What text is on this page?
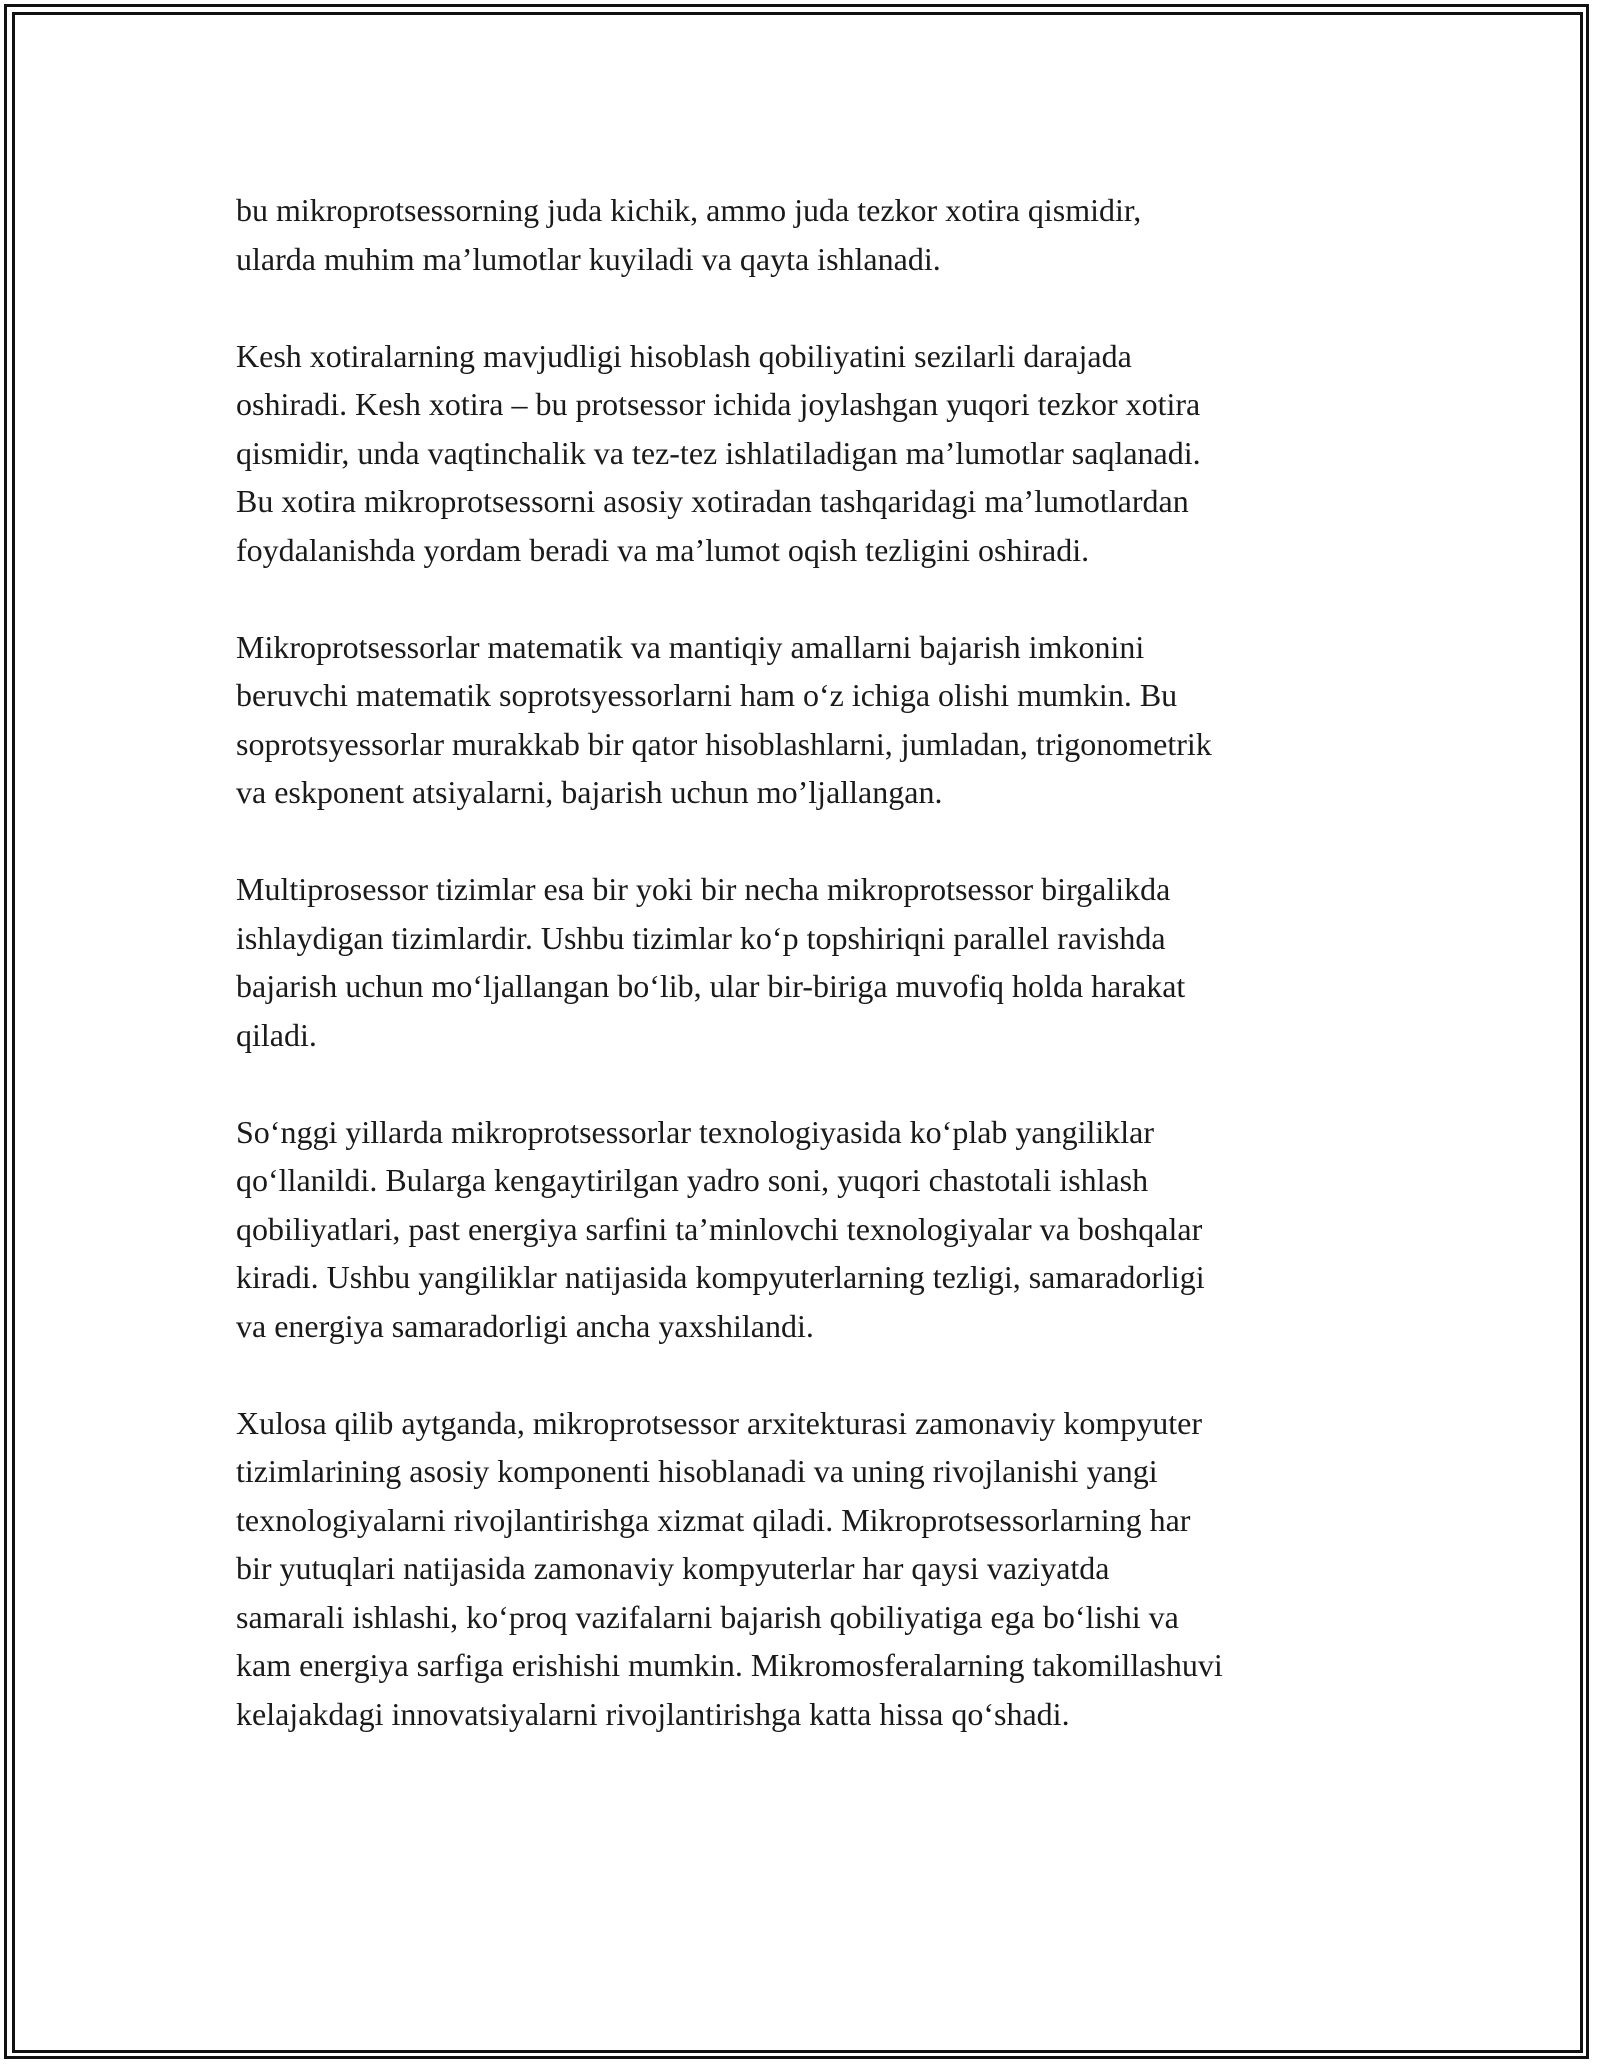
bu mikroprotsessorning juda kichik, ammo juda tezkor xotira qismidir,
ularda muhim ma’lumotlar kuyiladi va qayta ishlanadi.

Kesh xotiralarning mavjudligi hisoblash qobiliyatini sezilarli darajada
oshiradi. Kesh xotira – bu protsessor ichida joylashgan yuqori tezkor xotira
qismidir, unda vaqtinchalik va tez-tez ishlatiladigan ma’lumotlar saqlanadi.
Bu xotira mikroprotsessorni asosiy xotiradan tashqaridagi ma’lumotlardan
foydalanishda yordam beradi va ma’lumot oqish tezligini oshiradi.

Mikroprotsessorlar matematik va mantiqiy amallarni bajarish imkonini
beruvchi matematik soprotsyessorlarni ham o‘z ichiga olishi mumkin. Bu
soprotsyessorlar murakkab bir qator hisoblashlarni, jumladan, trigonometrik
va eskponent atsiyalarni, bajarish uchun mo’ljallangan.

Multiprosessor tizimlar esa bir yoki bir necha mikroprotsessor birgalikda
ishlaydigan tizimlardir. Ushbu tizimlar ko‘p topshiriqni parallel ravishda
bajarish uchun mo‘ljallangan bo‘lib, ular bir-biriga muvofiq holda harakat
qiladi.

So‘nggi yillarda mikroprotsessorlar texnologiyasida ko‘plab yangiliklar
qo‘llanildi. Bularga kengaytirilgan yadro soni, yuqori chastotali ishlash
qobiliyatlari, past energiya sarfini ta’minlovchi texnologiyalar va boshqalar
kiradi. Ushbu yangiliklar natijasida kompyuterlarning tezligi, samaradorligi
va energiya samaradorligi ancha yaxshilandi.

Xulosa qilib aytganda, mikroprotsessor arxitekturasi zamonaviy kompyuter
tizimlarining asosiy komponenti hisoblanadi va uning rivojlanishi yangi
texnologiyalarni rivojlantirishga xizmat qiladi. Mikroprotsessorlarning har
bir yutuqlari natijasida zamonaviy kompyuterlar har qaysi vaziyatda
samarali ishlashi, ko‘proq vazifalarni bajarish qobiliyatiga ega bo‘lishi va
kam energiya sarfiga erishishi mumkin. Mikromosferalarning takomillashuvi
kelajakdagi innovatsiyalarni rivojlantirishga katta hissa qo‘shadi.
